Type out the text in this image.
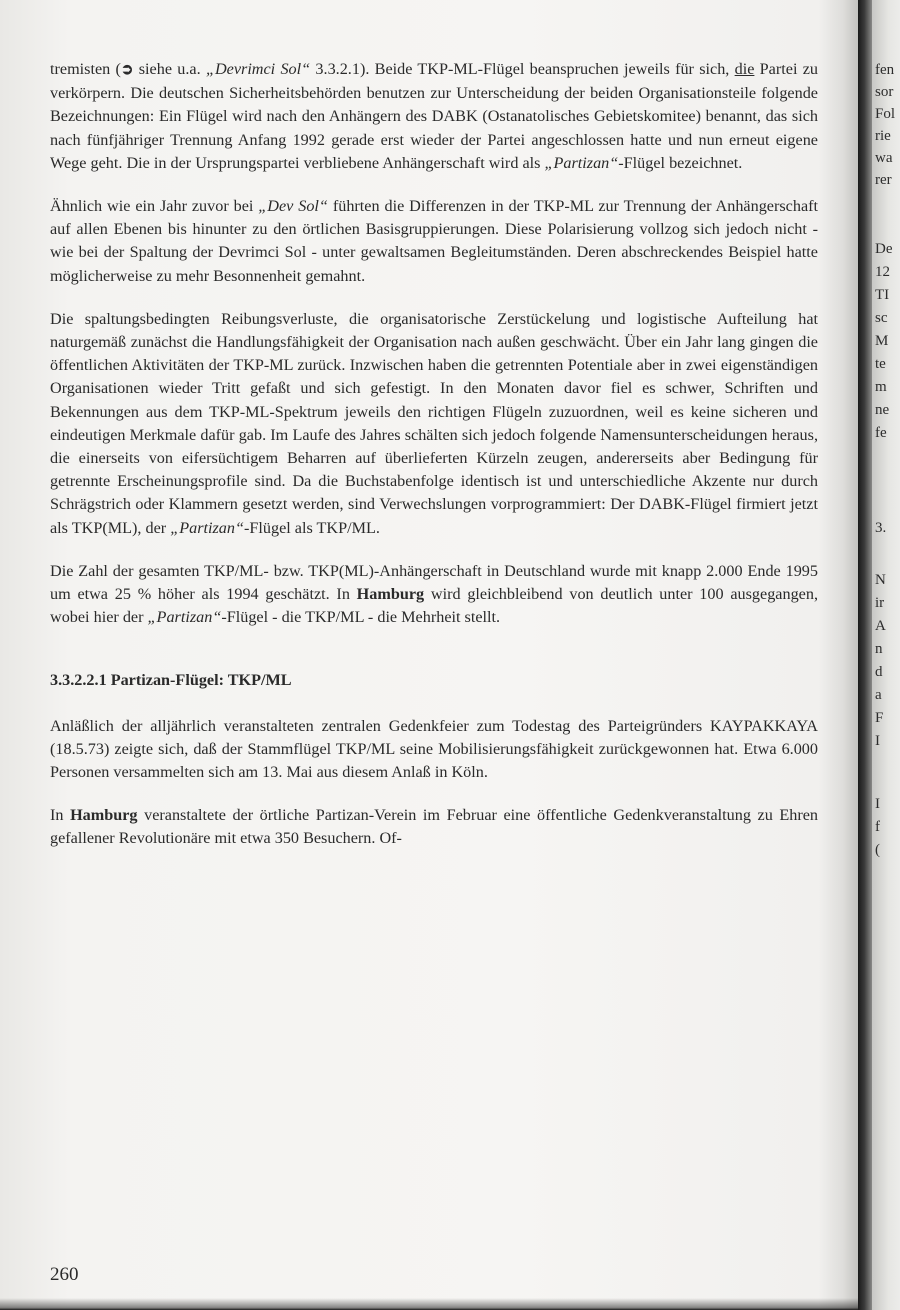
tremisten (➲ siehe u.a. „Devrimci Sol“ 3.3.2.1). Beide TKP-ML-Flügel beanspruchen jeweils für sich, die Partei zu verkörpern. Die deutschen Sicherheitsbehörden benutzen zur Unterscheidung der beiden Organisationsteile folgende Bezeichnungen: Ein Flügel wird nach den Anhängern des DABK (Ostanatolisches Gebietskomitee) benannt, das sich nach fünfjähriger Trennung Anfang 1992 gerade erst wieder der Partei angeschlossen hatte und nun erneut eigene Wege geht. Die in der Ursprungspartei verbliebene Anhängerschaft wird als „Partizan“-Flügel bezeichnet.

Ähnlich wie ein Jahr zuvor bei „Dev Sol“ führten die Differenzen in der TKP-ML zur Trennung der Anhängerschaft auf allen Ebenen bis hinunter zu den örtlichen Basisgruppierungen. Diese Polarisierung vollzog sich jedoch nicht - wie bei der Spaltung der Devrimci Sol - unter gewaltsamen Begleitumständen. Deren abschreckendes Beispiel hatte möglicherweise zu mehr Besonnenheit gemahnt.

Die spaltungsbedingten Reibungsverluste, die organisatorische Zerstückelung und logistische Aufteilung hat naturgemäß zunächst die Handlungsfähigkeit der Organisation nach außen geschwächt. Über ein Jahr lang gingen die öffentlichen Aktivitäten der TKP-ML zurück. Inzwischen haben die getrennten Potentiale aber in zwei eigenständigen Organisationen wieder Tritt gefaßt und sich gefestigt. In den Monaten davor fiel es schwer, Schriften und Bekennungen aus dem TKP-ML-Spektrum jeweils den richtigen Flügeln zuzuordnen, weil es keine sicheren und eindeutigen Merkmale dafür gab. Im Laufe des Jahres schälten sich jedoch folgende Namensunterscheidungen heraus, die einerseits von eifersüchtigem Beharren auf überlieferten Kürzeln zeugen, andererseits aber Bedingung für getrennte Erscheinungsprofile sind. Da die Buchstabenfolge identisch ist und unterschiedliche Akzente nur durch Schrägstrich oder Klammern gesetzt werden, sind Verwechslungen vorprogrammiert: Der DABK-Flügel firmiert jetzt als TKP(ML), der „Partizan“-Flügel als TKP/ML.

Die Zahl der gesamten TKP/ML- bzw. TKP(ML)-Anhängerschaft in Deutschland wurde mit knapp 2.000 Ende 1995 um etwa 25 % höher als 1994 geschätzt. In Hamburg wird gleichbleibend von deutlich unter 100 ausgegangen, wobei hier der „Partizan“-Flügel - die TKP/ML - die Mehrheit stellt.

3.3.2.2.1 Partizan-Flügel: TKP/ML

Anläßlich der alljährlich veranstalteten zentralen Gedenkfeier zum Todestag des Parteigründers KAYPAKKAYA (18.5.73) zeigte sich, daß der Stammflügel TKP/ML seine Mobilisierungsfähigkeit zurückgewonnen hat. Etwa 6.000 Personen versammelten sich am 13. Mai aus diesem Anlaß in Köln.

In Hamburg veranstaltete der örtliche Partizan-Verein im Februar eine öffentliche Gedenkveranstaltung zu Ehren gefallener Revolutionäre mit etwa 350 Besuchern. Of-

260
fen
sor
Fol
rie
wa
rer
De
12
TI
sc
M
te
m
ne
fe
3.
N
ir
A
n
d
a
F
I
I
f
(
